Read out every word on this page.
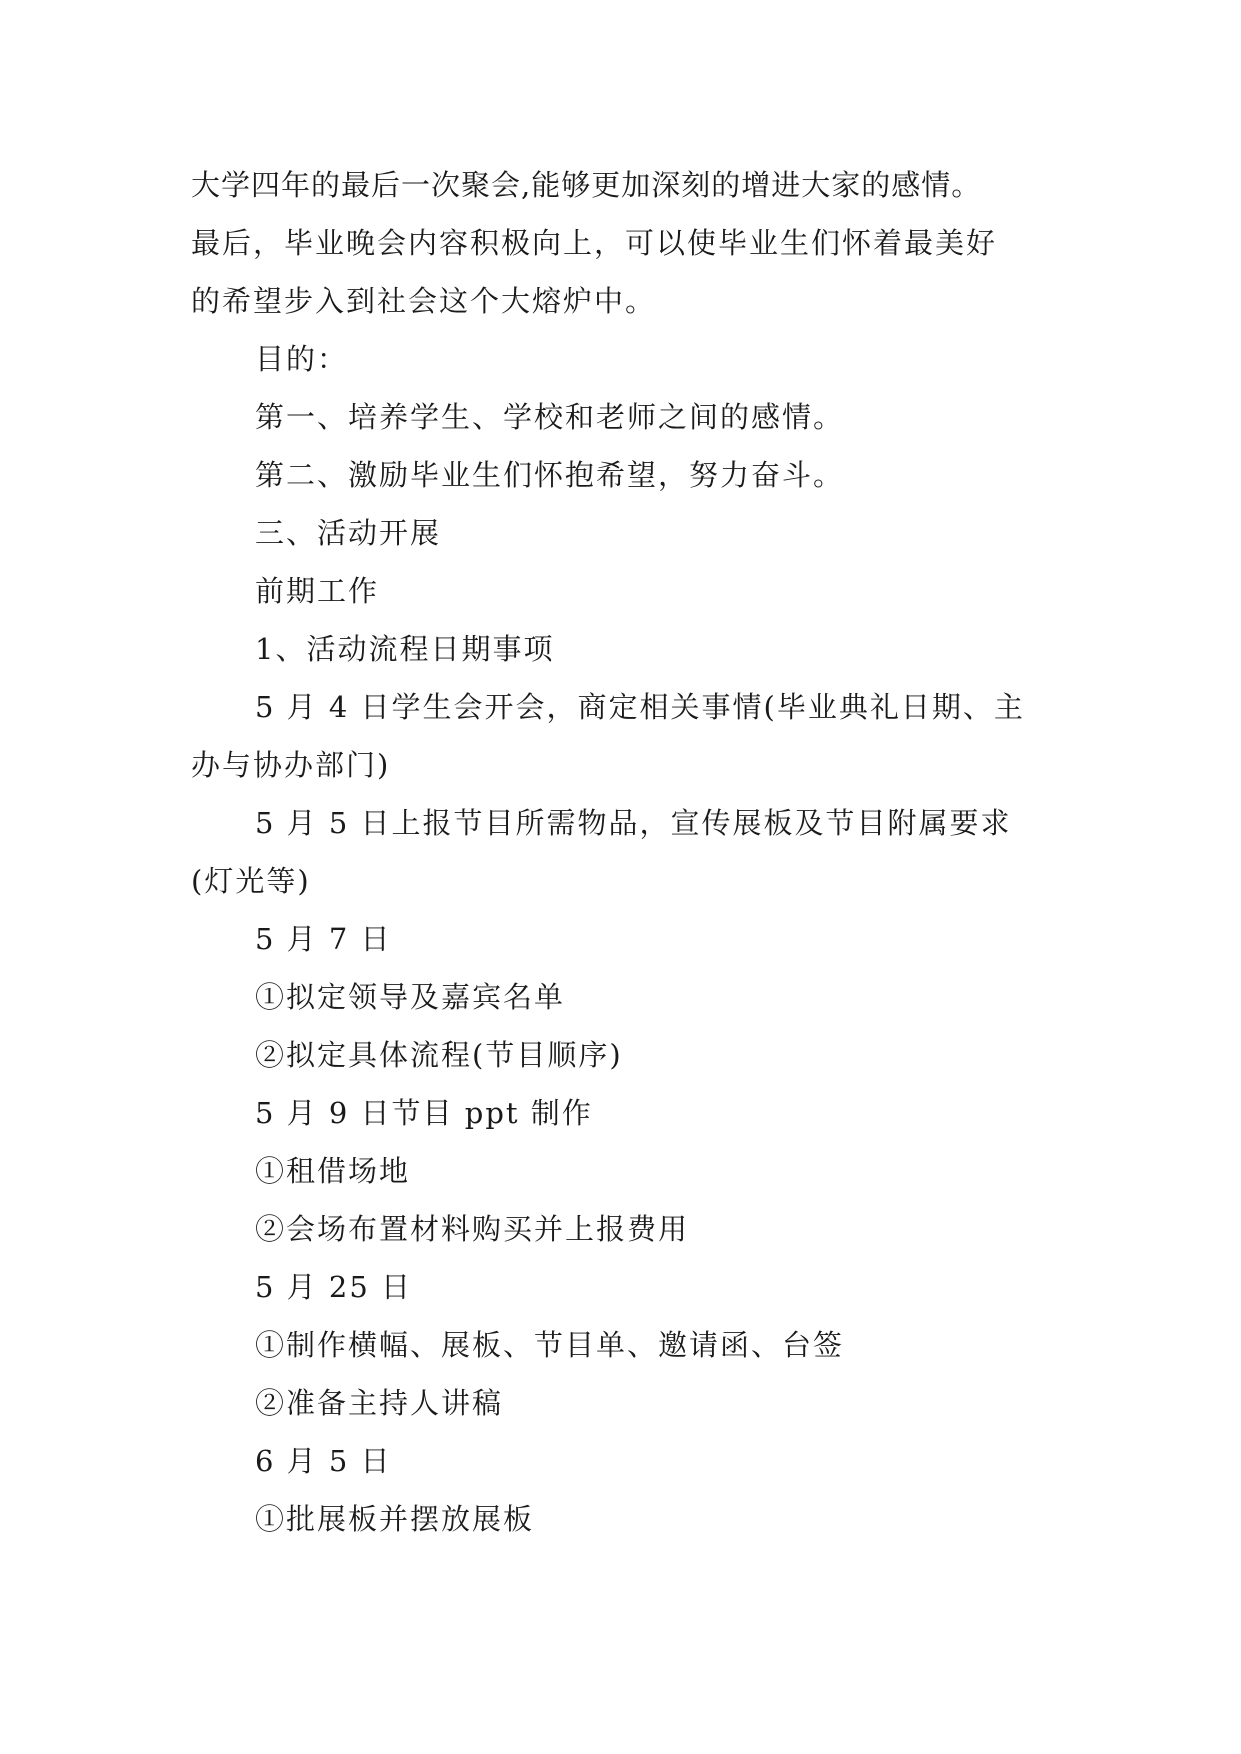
大学四年的最后一次聚会,能够更加深刻的增进大家的感情。
最后，毕业晚会内容积极向上，可以使毕业生们怀着最美好
的希望步入到社会这个大熔炉中。
目的：
第一、培养学生、学校和老师之间的感情。
第二、激励毕业生们怀抱希望，努力奋斗。
三、活动开展
前期工作
1、活动流程日期事项
5 月 4 日学生会开会，商定相关事情(毕业典礼日期、主
办与协办部门)
5 月 5 日上报节目所需物品，宣传展板及节目附属要求
(灯光等)
5 月 7 日
①拟定领导及嘉宾名单
②拟定具体流程(节目顺序)
5 月 9 日节目 ppt 制作
①租借场地
②会场布置材料购买并上报费用
5 月 25 日
①制作横幅、展板、节目单、邀请函、台签
②准备主持人讲稿
6 月 5 日
①批展板并摆放展板
